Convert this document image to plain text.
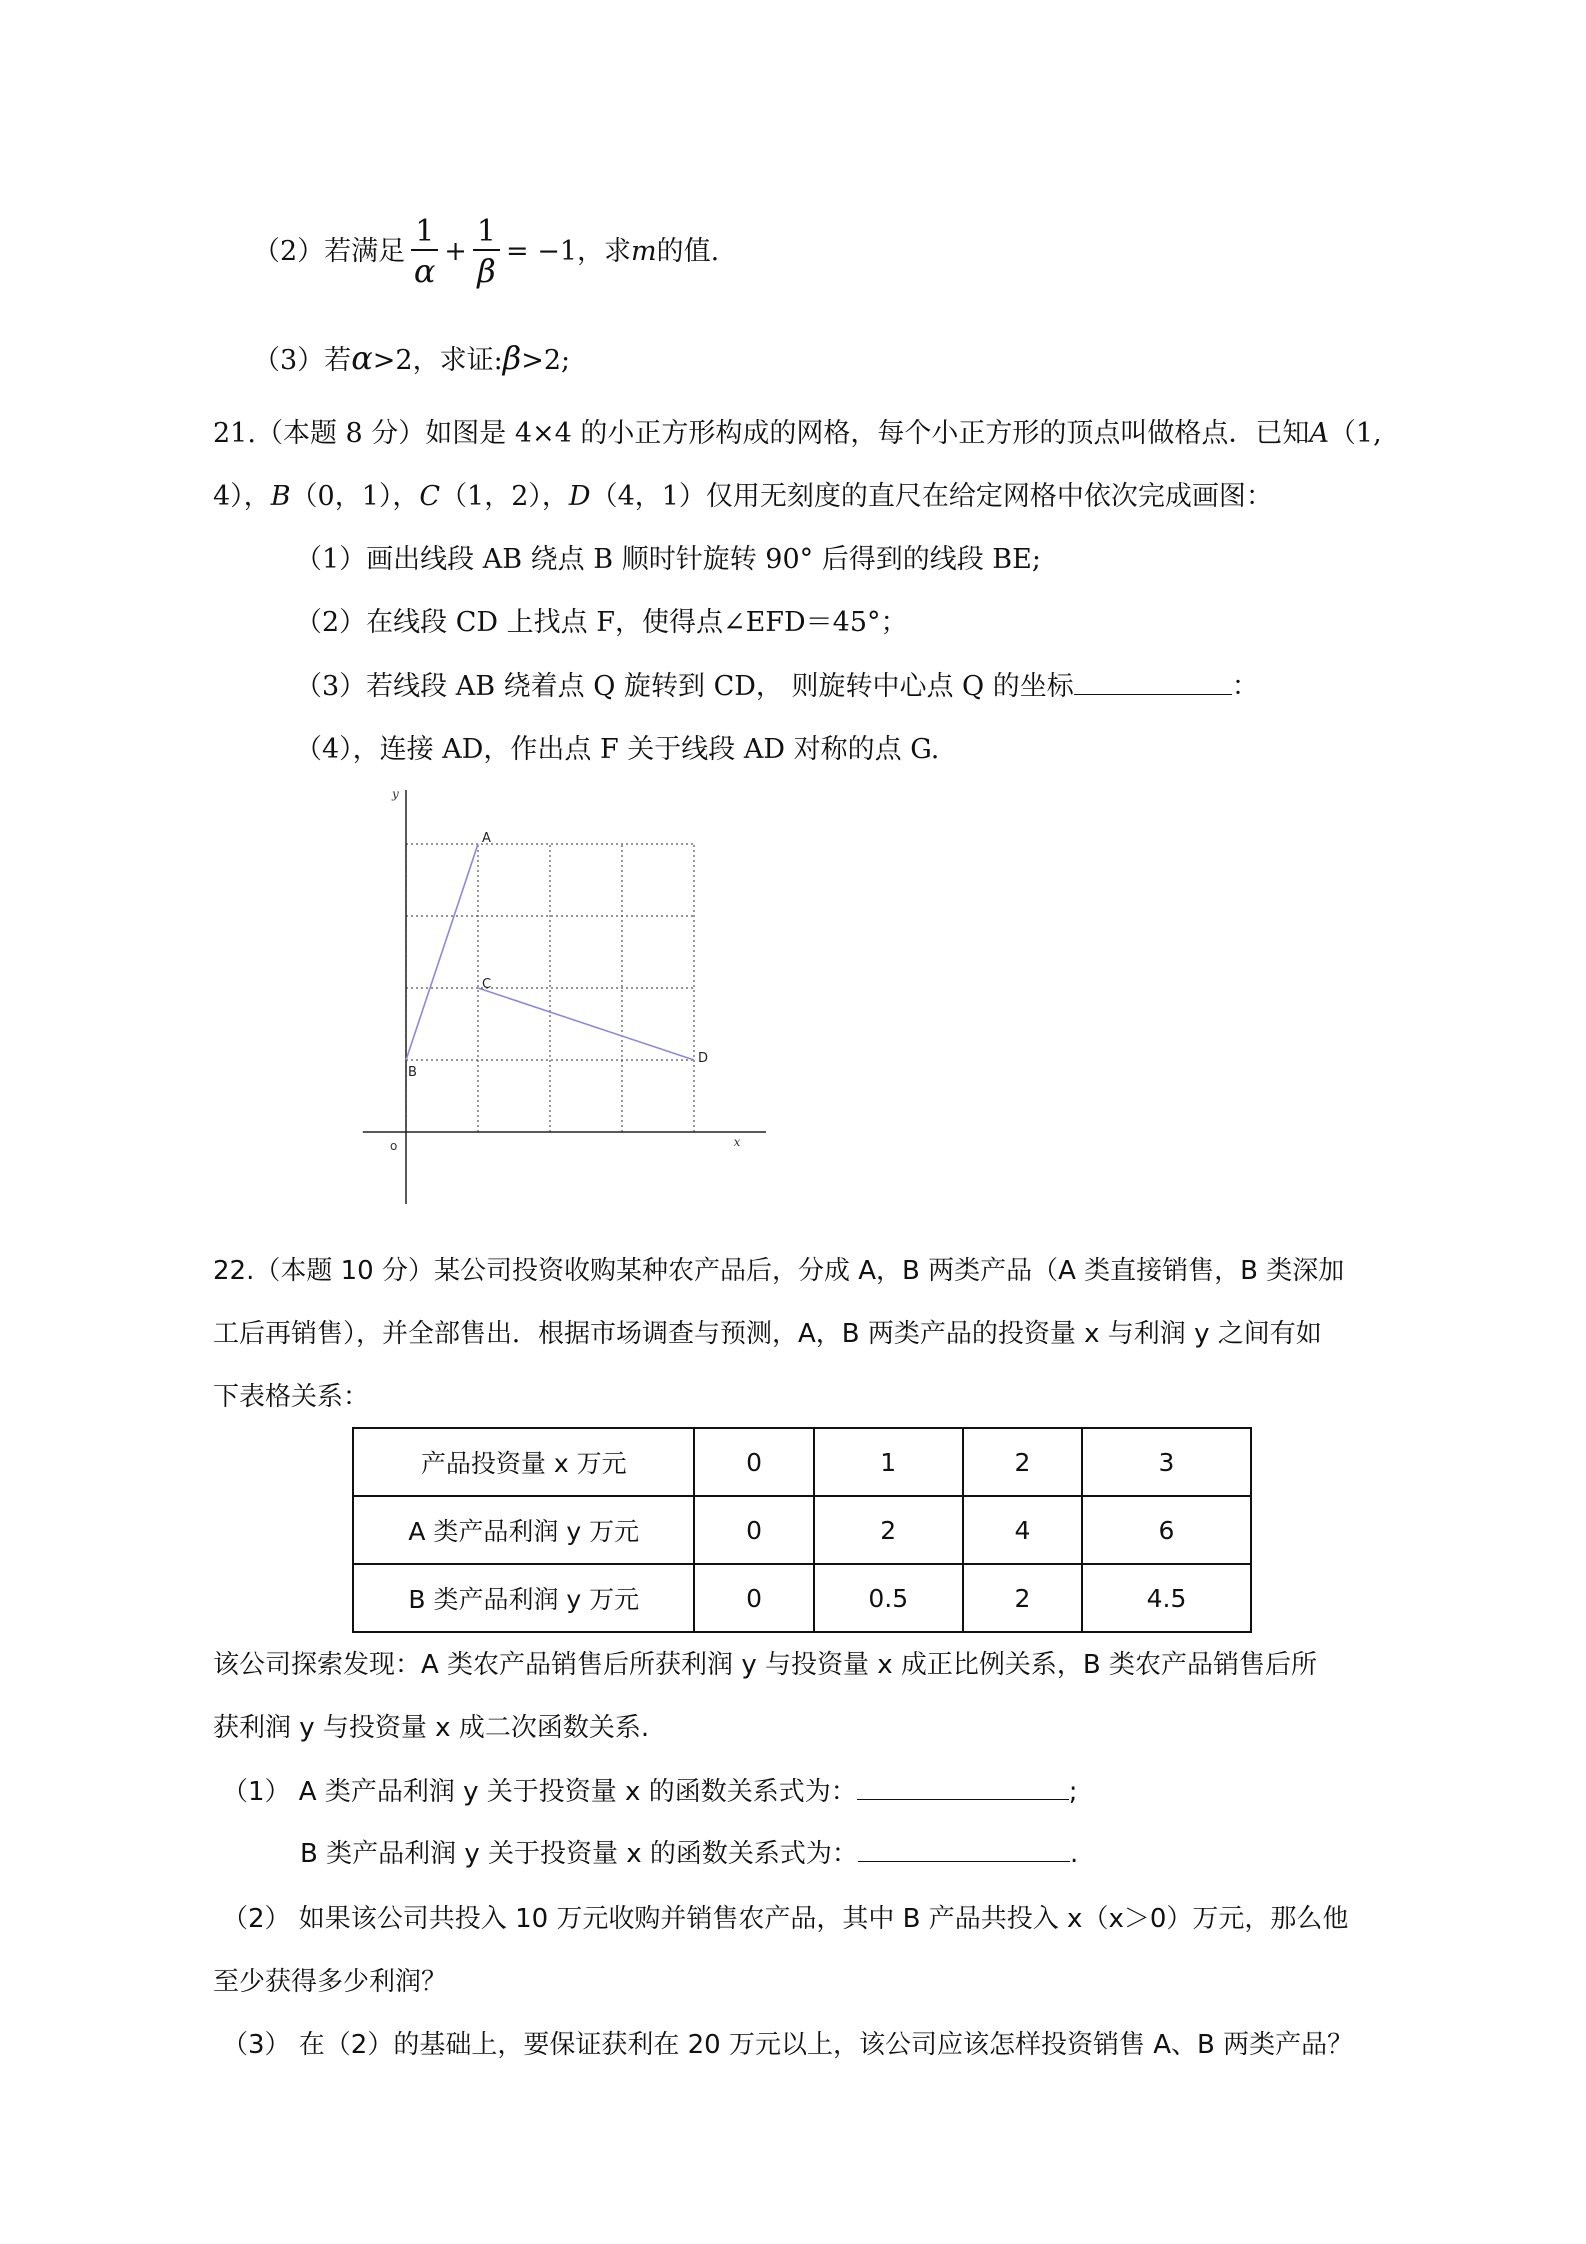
（2）若满足 $\frac{1}{\alpha} + \frac{1}{\beta} = -1$，求m的值.
（3）若α>2，求证:β>2;
21.（本题 8 分）如图是 4×4 的小正方形构成的网格，每个小正方形的顶点叫做格点．已知A（1,
4），B（0，1），C（1，2），D（4，1）仅用无刻度的直尺在给定网格中依次完成画图：
（1）画出线段 AB 绕点 B 顺时针旋转 90° 后得到的线段 BE;
（2）在线段 CD 上找点 F，使得点∠EFD＝45°；
（3）若线段 AB 绕着点 Q 旋转到 CD， 则旋转中心点 Q 的坐标	：
（4），连接 AD，作出点 F 关于线段 AD 对称的点 G.
x
y
o
A
B
C
D
22.（本题 10 分）某公司投资收购某种农产品后，分成 A，B 两类产品（A 类直接销售，B 类深加
工后再销售），并全部售出．根据市场调查与预测，A，B 两类产品的投资量 x 与利润 y 之间有如
下表格关系：
产品投资量 x 万元	0	1	2	3
A 类产品利润 y 万元	0	2	4	6
B 类产品利润 y 万元	0	0.5	2	4.5
该公司探索发现：A 类农产品销售后所获利润 y 与投资量 x 成正比例关系，B 类农产品销售后所
获利润 y 与投资量 x 成二次函数关系.
（1） A 类产品利润 y 关于投资量 x 的函数关系式为：	;
B 类产品利润 y 关于投资量 x 的函数关系式为：	.
（2） 如果该公司共投入 10 万元收购并销售农产品，其中 B 产品共投入 x（x＞0）万元，那么他
至少获得多少利润？
（3） 在（2）的基础上，要保证获利在 20 万元以上，该公司应该怎样投资销售 A、B 两类产品？
